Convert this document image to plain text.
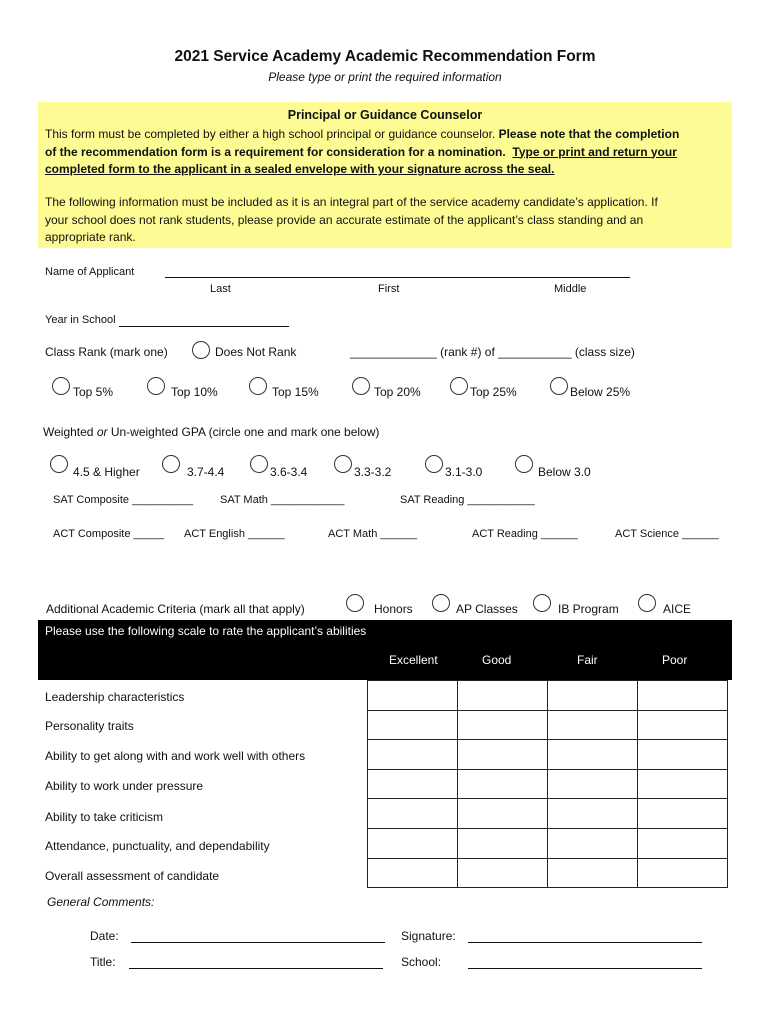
2021 Service Academy Academic Recommendation Form
Please type or print the required information
Principal or Guidance Counselor

This form must be completed by either a high school principal or guidance counselor. Please note that the completion
of the recommendation form is a requirement for consideration for a nomination. Type or print and return your
completed form to the applicant in a sealed envelope with your signature across the seal.

The following information must be included as it is an integral part of the service academy candidate’s application. If
your school does not rank students, please provide an accurate estimate of the applicant’s class standing and an
appropriate rank.

Name of Applicant
Last	First	Middle
Year in School
Class Rank (mark one)	Does Not Rank	_____________ (rank #) of ___________ (class size)
Top 5%	Top 10%	Top 15%	Top 20%	Top 25%	Below 25%
Weighted or Un-weighted GPA (circle one and mark one below)
4.5 & Higher	3.7-4.4	3.6-3.4	3.3-3.2	3.1-3.0	Below 3.0
SAT Composite __________ SAT Math ____________	SAT Reading ___________
ACT Composite _____ ACT English ______	ACT Math ______	ACT Reading ______	ACT Science ______
Additional Academic Criteria (mark all that apply)	Honors	AP Classes	IB Program	AICE
Please use the following scale to rate the applicant’s abilities
Excellent	Good	Fair	Poor

Leadership characteristics
Personality traits
Ability to get along with and work well with others
Ability to work under pressure
Ability to take criticism
Attendance, punctuality, and dependability
Overall assessment of candidate
General Comments:
Date:	Signature:
Title:	School:
